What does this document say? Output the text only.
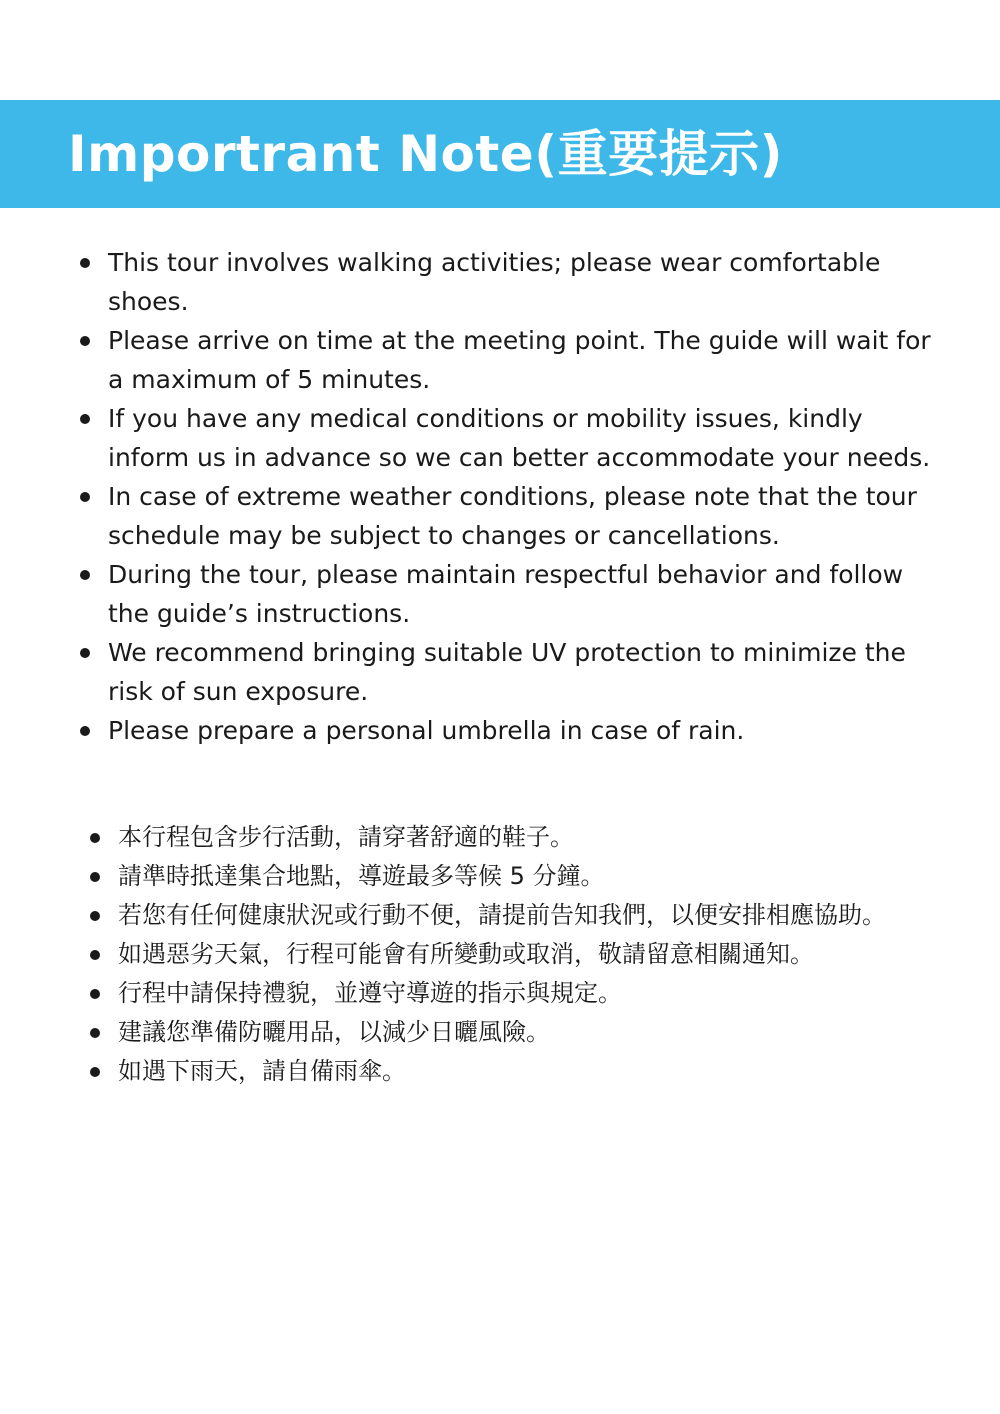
Importrant Note(重要提示)
This tour involves walking activities; please wear comfortable shoes.
Please arrive on time at the meeting point. The guide will wait for a maximum of 5 minutes.
If you have any medical conditions or mobility issues, kindly inform us in advance so we can better accommodate your needs.
In case of extreme weather conditions, please note that the tour schedule may be subject to changes or cancellations.
During the tour, please maintain respectful behavior and follow the guide’s instructions.
We recommend bringing suitable UV protection to minimize the risk of sun exposure.
Please prepare a personal umbrella in case of rain.
本行程包含步行活動，請穿著舒適的鞋子。
請準時抵達集合地點，導遊最多等候 5 分鐘。
若您有任何健康狀況或行動不便，請提前告知我們，以便安排相應協助。
如遇惡劣天氣，行程可能會有所變動或取消，敬請留意相關通知。
行程中請保持禮貌，並遵守導遊的指示與規定。
建議您準備防曬用品，以減少日曬風險。
如遇下雨天，請自備雨傘。
